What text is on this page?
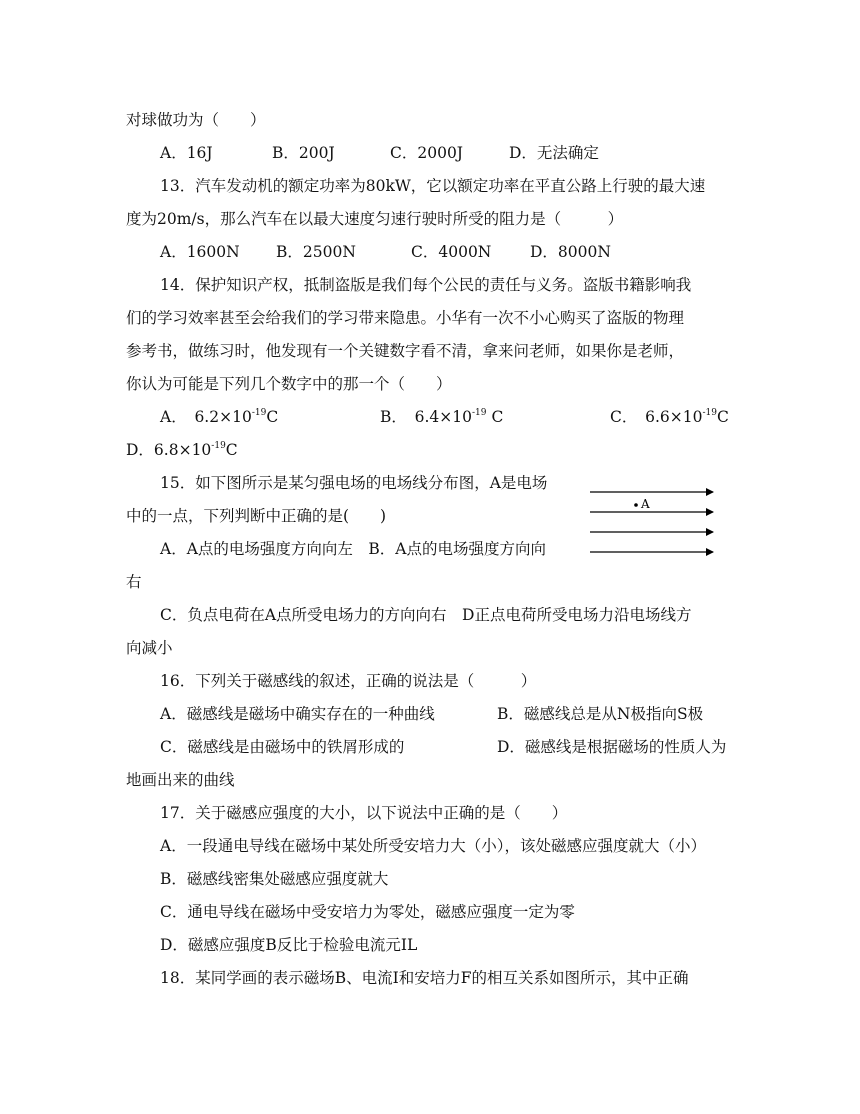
对球做功为（　　）
A．16J	B．200J	C．2000J	D．无法确定
13．汽车发动机的额定功率为80kW，它以额定功率在平直公路上行驶的最大速
度为20m/s，那么汽车在以最大速度匀速行驶时所受的阻力是（　　　）
A．1600N B．2500N	C．4000N D．8000N
14．保护知识产权，抵制盗版是我们每个公民的责任与义务。盗版书籍影响我
们的学习效率甚至会给我们的学习带来隐患。小华有一次不小心购买了盗版的物理
参考书，做练习时，他发现有一个关键数字看不清，拿来问老师，如果你是老师，
你认为可能是下列几个数字中的那一个（　　）
A．　$6.2\times 10^{-19}C$	B．　$6.4\times 10^{-19}$ C	C．　$6.6\times 10^{-19}C$
D．$6.8\times 10^{-19}C$
15．如下图所示是某匀强电场的电场线分布图，A是电场
中的一点，下列判断中正确的是(　　)
A．A点的电场强度方向向左　B．A点的电场强度方向向
右
C．负点电荷在A点所受电场力的方向向右　D正点电荷所受电场力沿电场线方
向减小
A
16．下列关于磁感线的叙述，正确的说法是（　　　）
A．磁感线是磁场中确实存在的一种曲线	B．磁感线总是从N极指向S极
C．磁感线是由磁场中的铁屑形成的	D．磁感线是根据磁场的性质人为
地画出来的曲线
17．关于磁感应强度的大小，以下说法中正确的是（　　）
A．一段通电导线在磁场中某处所受安培力大（小），该处磁感应强度就大（小）
B．磁感线密集处磁感应强度就大
C．通电导线在磁场中受安培力为零处，磁感应强度一定为零
D．磁感应强度B反比于检验电流元IL
18．某同学画的表示磁场B、电流I和安培力F的相互关系如图所示，其中正确
